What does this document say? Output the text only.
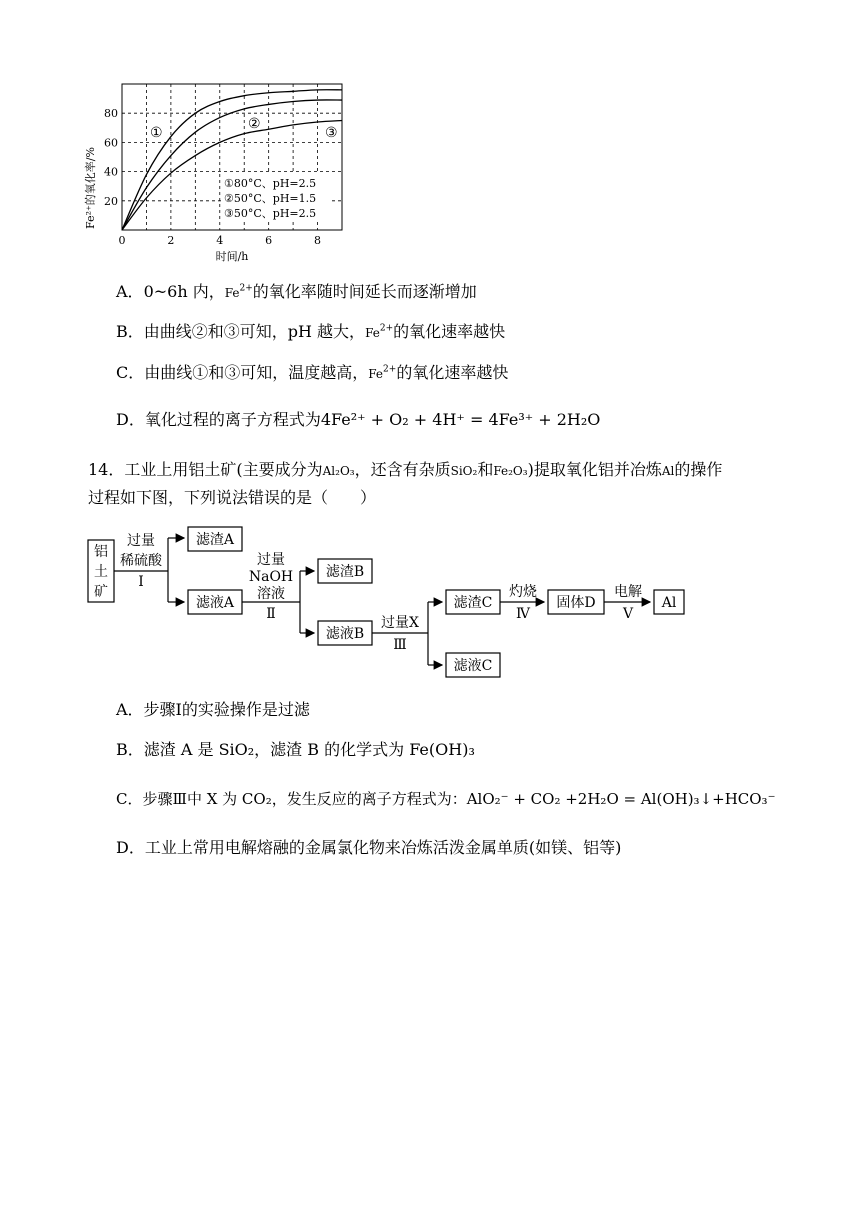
0	2	4	6	8
20
40
60
80
Fe²⁺的氧化率/%
时间/h
①
②
③
①80°C、pH=2.5
②50°C、pH=1.5
③50°C、pH=2.5
A．0~6h 内，$Fe^{2+}$的氧化率随时间延长而逐渐增加
B．由曲线②和③可知，pH 越大，$Fe^{2+}$的氧化速率越快
C．由曲线①和③可知，温度越高，$Fe^{2+}$的氧化速率越快
D．氧化过程的离子方程式为4Fe²⁺ + O₂ + 4H⁺ = 4Fe³⁺ + 2H₂O
14．工业上用铝土矿(主要成分为Al₂O₃，还含有杂质SiO₂和Fe₂O₃)提取氧化铝并冶炼Al的操作
过程如下图，下列说法错误的是（　　）
铝
土
矿
过量
稀硫酸
Ⅰ
滤渣A
滤液A
过量
NaOH
溶液
Ⅱ
滤渣B
滤液B
过量X
Ⅲ
滤渣C
滤液C
灼烧
Ⅳ
固体D
电解
Ⅴ
Al
A．步骤Ⅰ的实验操作是过滤
B．滤渣 A 是 SiO₂，滤渣 B 的化学式为 Fe(OH)₃
C．步骤Ⅲ中 X 为 CO₂，发生反应的离子方程式为：AlO₂⁻ + CO₂ +2H₂O = Al(OH)₃↓+HCO₃⁻
D．工业上常用电解熔融的金属氯化物来冶炼活泼金属单质(如镁、铝等)
